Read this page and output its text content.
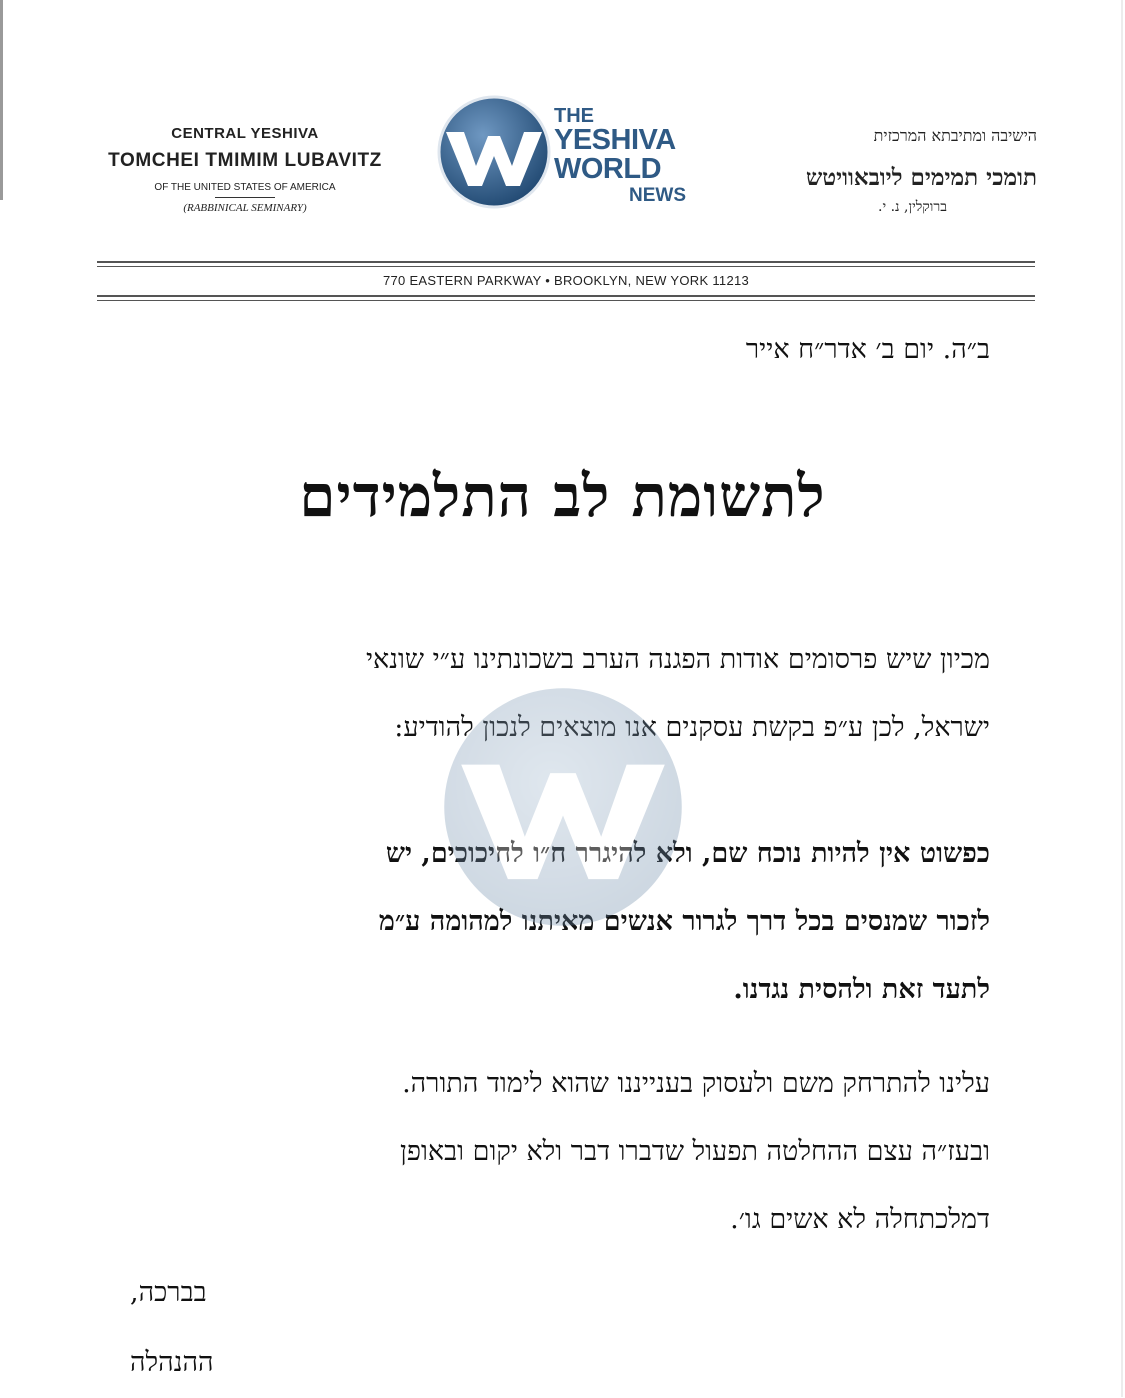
CENTRAL YESHIVA
TOMCHEI TMIMIM LUBAVITZ
OF THE UNITED STATES OF AMERICA
(RABBINICAL SEMINARY)
THE
YESHIVA
WORLD
NEWS
הישיבה ומתיבתא המרכזית
תומכי תמימים ליובאוויטש
ברוקלין, נ. י.
770 EASTERN PARKWAY • BROOKLYN, NEW YORK 11213
ב״ה. יום ב׳ אדר״ח אייר
לתשומת לב התלמידים
מכיון שיש פרסומים אודות הפגנה הערב בשכונתינו ע״י שונאי
ישראל, לכן ע״פ בקשת עסקנים אנו מוצאים לנכון להודיע:
כפשוט אין להיות נוכח שם, ולא להיגרר ח״ו לחיכוכים, יש
לזכור שמנסים בכל דרך לגרור אנשים מאיתנו למהומה ע״מ
לתעד זאת ולהסית נגדנו.
עלינו להתרחק משם ולעסוק בענייננו שהוא לימוד התורה.
ובעז״ה עצם ההחלטה תפעול שדברו דבר ולא יקום ובאופן
דמלכתחלה לא אשים גו׳.
בברכה,
ההנהלה
